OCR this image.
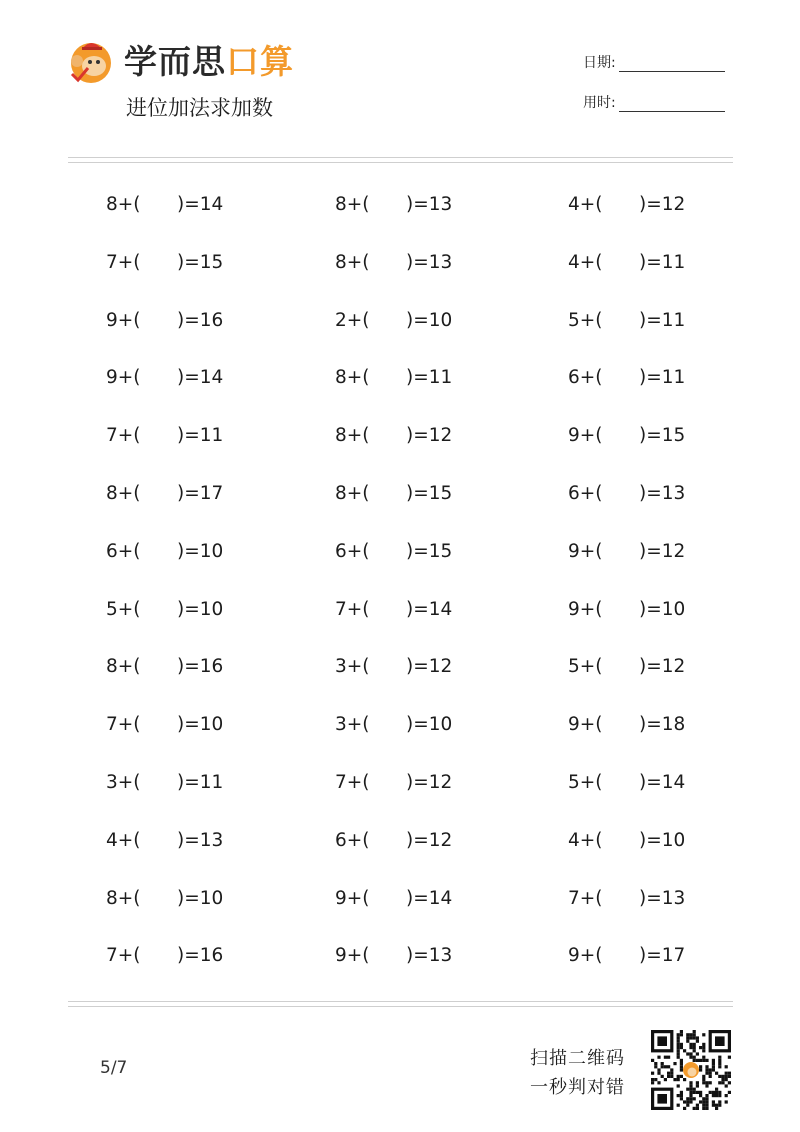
学而思口算
进位加法求加数
日期:
用时:
8+( )=14	8+( )=13	4+( )=12
7+( )=15	8+( )=13	4+( )=11
9+( )=16	2+( )=10	5+( )=11
9+( )=14	8+( )=11	6+( )=11
7+( )=11	8+( )=12	9+( )=15
8+( )=17	8+( )=15	6+( )=13
6+( )=10	6+( )=15	9+( )=12
5+( )=10	7+( )=14	9+( )=10
8+( )=16	3+( )=12	5+( )=12
7+( )=10	3+( )=10	9+( )=18
3+( )=11	7+( )=12	5+( )=14
4+( )=13	6+( )=12	4+( )=10
8+( )=10	9+( )=14	7+( )=13
7+( )=16	9+( )=13	9+( )=17
5/7	扫描二维码
一秒判对错
